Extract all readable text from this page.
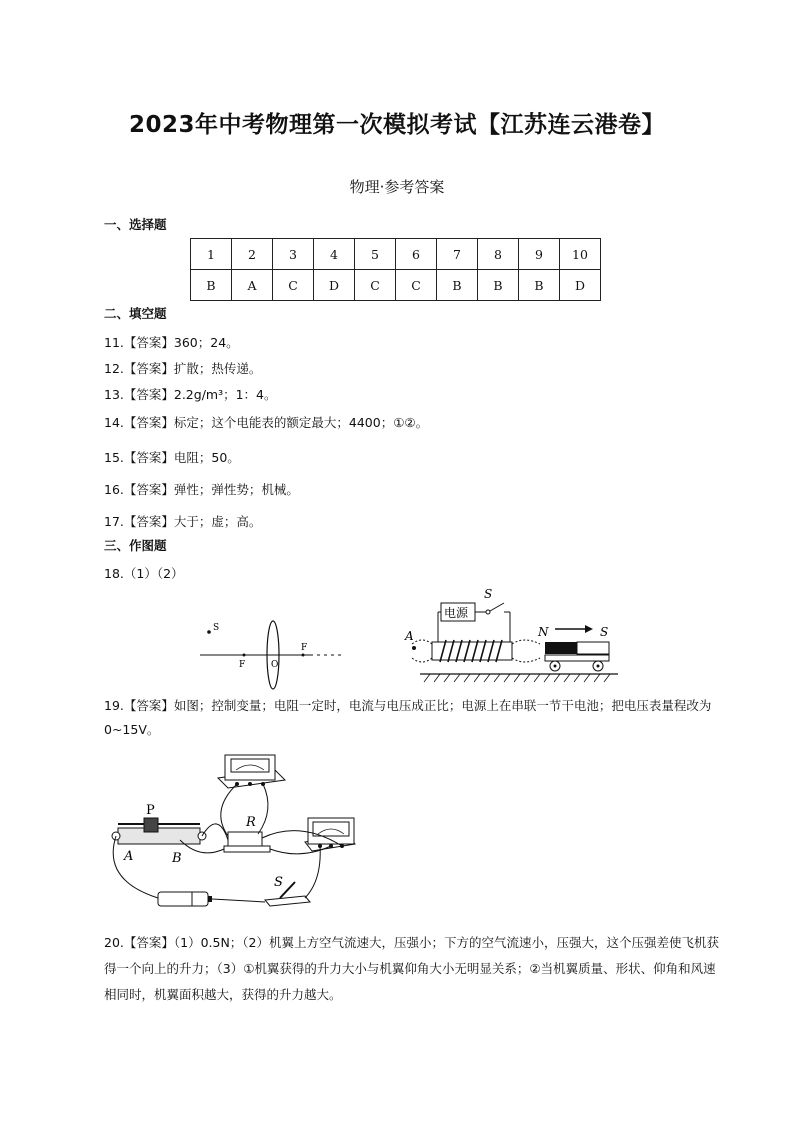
2023年中考物理第一次模拟考试【江苏连云港卷】
物理·参考答案
一、选择题
1	2	3	4	5	6	7	8	9	10
B	A	C	D	C	C	B	B	B	D
二、填空题
11.【答案】360；24。
12.【答案】扩散；热传递。
13.【答案】2.2g/m³；1：4。
14.【答案】标定；这个电能表的额定最大；4400；①②。
15.【答案】电阻；50。
16.【答案】弹性；弹性势；机械。
17.【答案】大于；虚；高。
三、作图题
18.（1）（2）
S
F	O
F
电源
S
A	N	S
19.【答案】如图；控制变量；电阻一定时，电流与电压成正比；电源上在串联一节干电池；把电压表量程改为0~15V。
R
P
A	B
S
20.【答案】（1）0.5N；（2）机翼上方空气流速大，压强小；下方的空气流速小，压强大，这个压强差使飞机获得一个向上的升力；（3）①机翼获得的升力大小与机翼仰角大小无明显关系；②当机翼质量、形状、仰角和风速相同时，机翼面积越大，获得的升力越大。
